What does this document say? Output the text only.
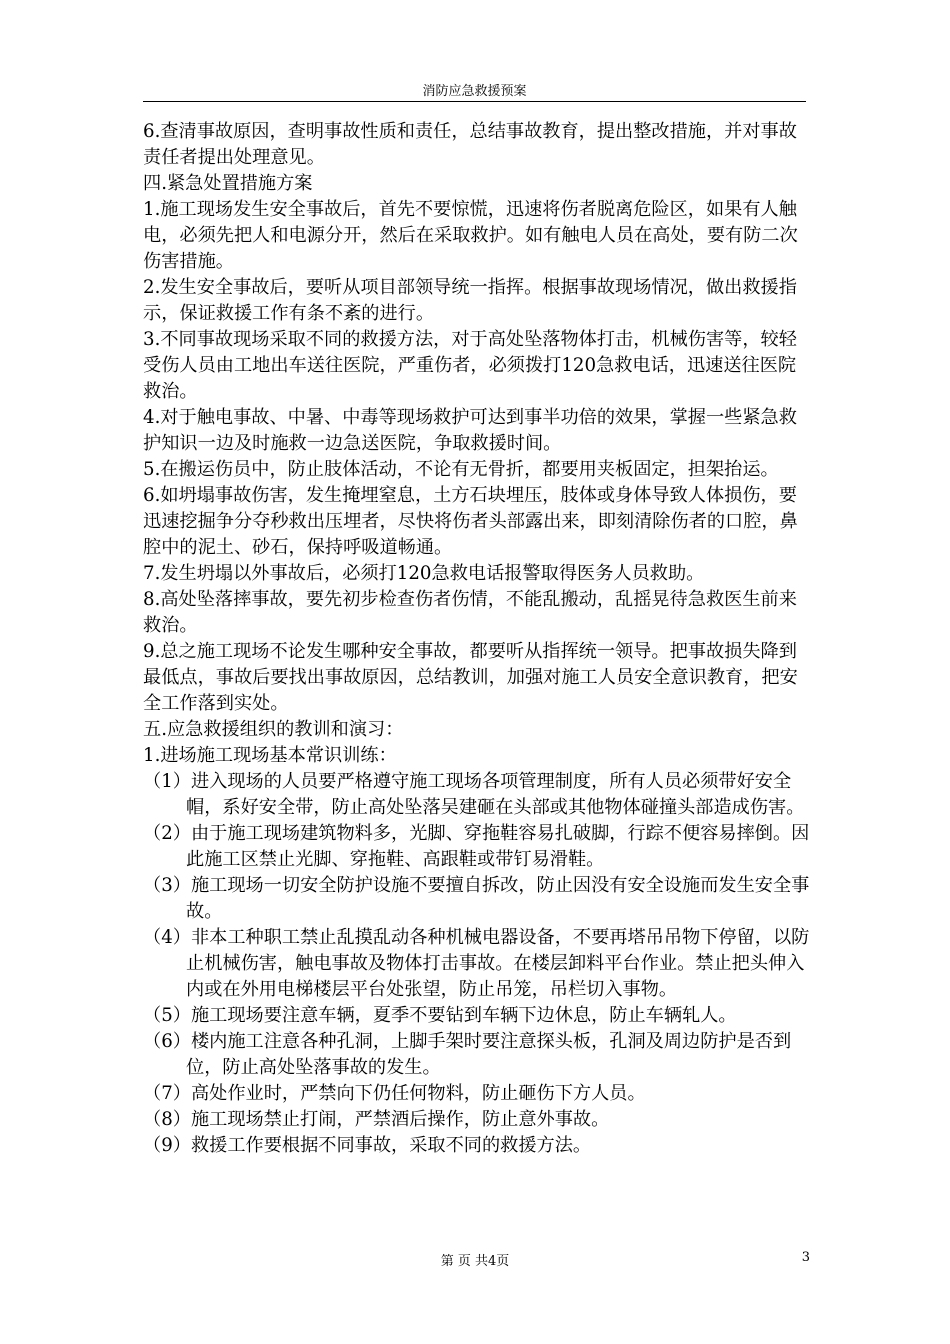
消防应急救援预案

6.查清事故原因，查明事故性质和责任，总结事故教育，提出整改措施，并对事故责任者提出处理意见。

四.紧急处置措施方案

1.施工现场发生安全事故后，首先不要惊慌，迅速将伤者脱离危险区，如果有人触电，必须先把人和电源分开，然后在采取救护。如有触电人员在高处，要有防二次伤害措施。

2.发生安全事故后，要听从项目部领导统一指挥。根据事故现场情况，做出救援指示，保证救援工作有条不紊的进行。

3.不同事故现场采取不同的救援方法，对于高处坠落物体打击，机械伤害等，较轻受伤人员由工地出车送往医院，严重伤者，必须拨打120急救电话，迅速送往医院救治。

4.对于触电事故、中暑、中毒等现场救护可达到事半功倍的效果，掌握一些紧急救护知识一边及时施救一边急送医院，争取救援时间。

5.在搬运伤员中，防止肢体活动，不论有无骨折，都要用夹板固定，担架抬运。

6.如坍塌事故伤害，发生掩埋窒息，土方石块埋压，肢体或身体导致人体损伤，要迅速挖掘争分夺秒救出压埋者，尽快将伤者头部露出来，即刻清除伤者的口腔，鼻腔中的泥土、砂石，保持呼吸道畅通。

7.发生坍塌以外事故后，必须打120急救电话报警取得医务人员救助。

8.高处坠落摔事故，要先初步检查伤者伤情，不能乱搬动，乱摇晃待急救医生前来救治。

9.总之施工现场不论发生哪种安全事故，都要听从指挥统一领导。把事故损失降到最低点，事故后要找出事故原因，总结教训，加强对施工人员安全意识教育，把安全工作落到实处。

五.应急救援组织的教训和演习：

1.进场施工现场基本常识训练：

（1）进入现场的人员要严格遵守施工现场各项管理制度，所有人员必须带好安全帽，系好安全带，防止高处坠落吴建砸在头部或其他物体碰撞头部造成伤害。

（2）由于施工现场建筑物料多，光脚、穿拖鞋容易扎破脚，行踪不便容易摔倒。因此施工区禁止光脚、穿拖鞋、高跟鞋或带钉易滑鞋。

（3）施工现场一切安全防护设施不要擅自拆改，防止因没有安全设施而发生安全事故。

（4）非本工种职工禁止乱摸乱动各种机械电器设备，不要再塔吊吊物下停留，以防止机械伤害，触电事故及物体打击事故。在楼层卸料平台作业。禁止把头伸入内或在外用电梯楼层平台处张望，防止吊笼，吊栏切入事物。

（5）施工现场要注意车辆，夏季不要钻到车辆下边休息，防止车辆轧人。

（6）楼内施工注意各种孔洞，上脚手架时要注意探头板，孔洞及周边防护是否到位，防止高处坠落事故的发生。

（7）高处作业时，严禁向下仍任何物料，防止砸伤下方人员。

（8）施工现场禁止打闹，严禁酒后操作，防止意外事故。

（9）救援工作要根据不同事故，采取不同的救援方法。

第 页 共4页	3
